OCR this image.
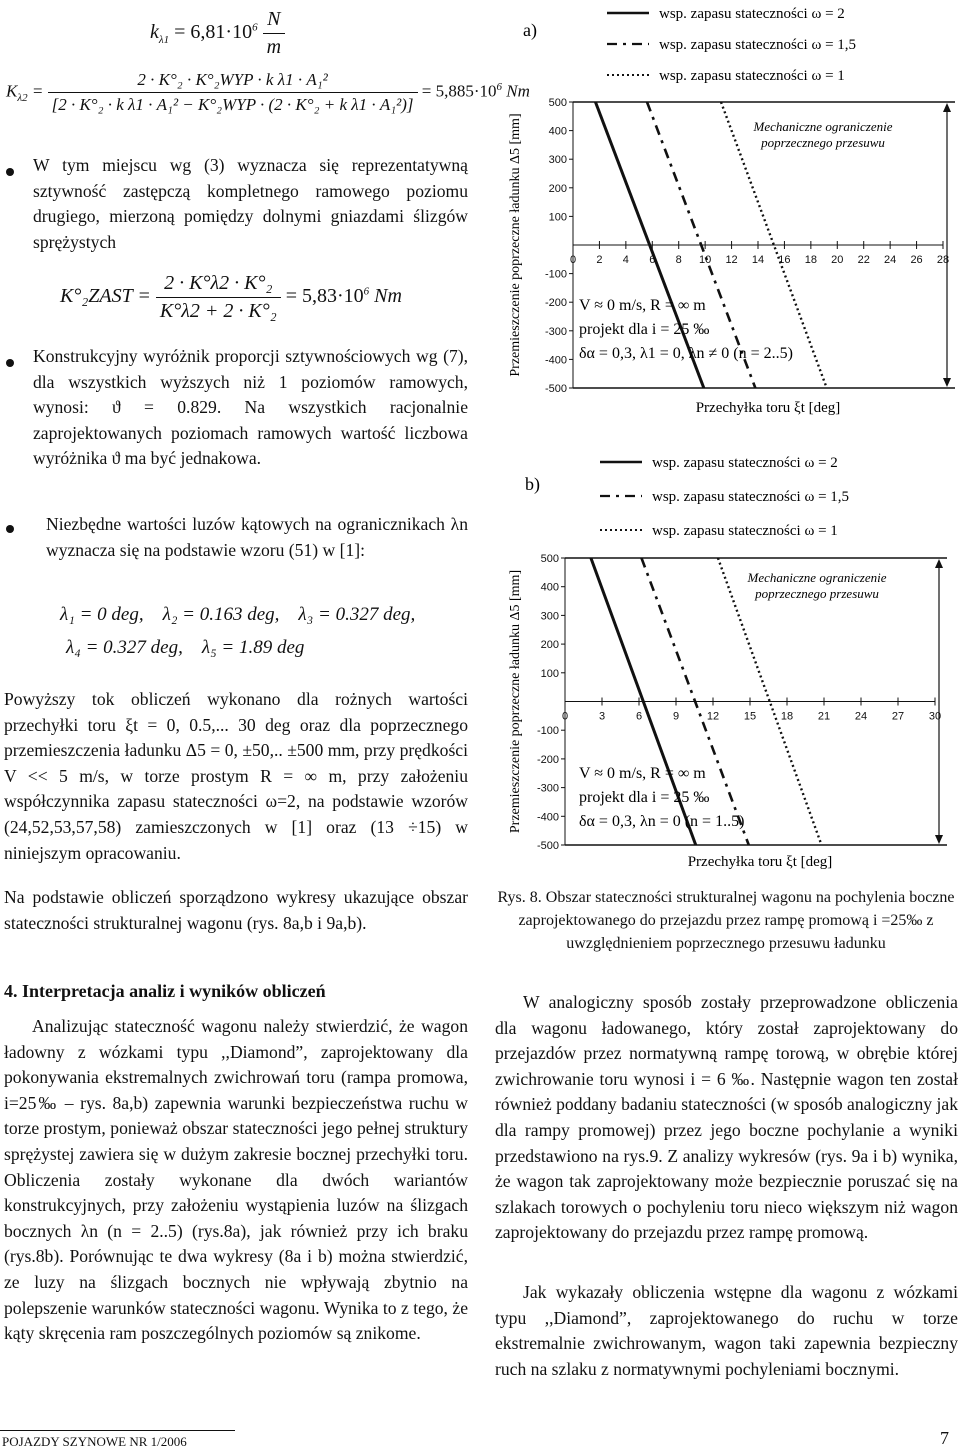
$k_{\lambda 1} = 6,81\cdot 10^6 \frac{N}{m}$
$K_{\lambda 2} = \frac{\text{2 · K°₂ · K°₂WYP · k λ1 · A₁²}}{\text{[2 · K°₂ · k λ1 · A₁² − K°₂WYP · (2 · K°₂ + k λ1 · A₁²)]}} = 5,885\cdot 10^6$ Nm
W tym miejscu wg (3) wyznacza się reprezentatywną sztywność zastępczą kompletnego ramowego poziomu drugiego, mierzoną pomiędzy dolnymi gniazdami ślizgów sprężystych
K°₂ZAST = $\frac{\text{2 · K°λ2 · K°₂}}{\text{K°λ2 + 2 · K°₂}} = 5,83\cdot 10^6$ Nm
Konstrukcyjny wyróżnik proporcji sztywnościowych wg (7), dla wszystkich wyższych niż 1 poziomów ramowych, wynosi: ϑ = 0.829. Na wszystkich racjonalnie zaprojektowanych poziomach ramowych wartość liczbowa wyróżnika ϑ ma być jednakowa.
Niezbędne wartości luzów kątowych na ogranicznikach λn wyznacza się na podstawie wzoru (51) w [1]:
λ₁ = 0 deg,    λ₂ = 0.163 deg,    λ₃ = 0.327 deg,
λ₄ = 0.327 deg,    λ₅ = 1.89 deg
Powyższy tok obliczeń wykonano dla rożnych wartości przechyłki toru ξt = 0, 0.5,... 30 deg oraz dla poprzecznego przemieszczenia ładunku Δ5 = 0, ±50,.. ±500 mm, przy prędkości V << 5 m/s, w torze prostym R = ∞ m, przy założeniu współczynnika zapasu stateczności ω=2, na podstawie wzorów (24,52,53,57,58) zamieszczonych w [1] oraz (13 ÷15) w niniejszym opracowaniu.
Na podstawie obliczeń sporządzono wykresy ukazujące obszar stateczności strukturalnej wagonu (rys. 8a,b i 9a,b).
4. Interpretacja analiz i wyników obliczeń
Analizując stateczność wagonu należy stwierdzić, że wagon ładowny z wózkami typu ,,Diamond”, zaprojektowany dla pokonywania ekstremalnych zwichrowań toru (rampa promowa, i=25‰ – rys. 8a,b) zapewnia warunki bezpieczeństwa ruchu w torze prostym, ponieważ obszar stateczności jego pełnej struktury sprężystej zawiera się w dużym zakresie bocznej przechyłki toru. Obliczenia zostały wykonane dla dwóch wariantów konstrukcyjnych, przy założeniu wystąpienia luzów na ślizgach bocznych λn (n = 2..5) (rys.8a), jak również przy ich braku (rys.8b). Porównując te dwa wykresy (8a i b) można stwierdzić, ze luzy na ślizgach bocznych nie wpływają zbytnio na polepszenie warunków stateczności wagonu. Wynika to z tego, że kąty skręcenia ram poszczególnych poziomów są znikome.
a)
wsp. zapasu stateczności ω = 2
wsp. zapasu stateczności ω = 1,5
wsp. zapasu stateczności ω = 1
Przemieszczenie poprzeczne ładunku Δ5 [mm]
500
400
300
200
100
-100
-200
-300
-400
-500
0 2 4 6 8 10 12 14 16 18 20 22 24 26 28
Mechaniczne ograniczenie
poprzecznego przesuwu
V ≈ 0 m/s, R = ∞ m
projekt dla i = 25 ‰
δα = 0,3, λ1 = 0, λn ≠ 0 (n = 2..5)
Przechyłka toru ξt [deg]
b)
wsp. zapasu stateczności ω = 2
wsp. zapasu stateczności ω = 1,5
wsp. zapasu stateczności ω = 1
Przemieszczenie poprzeczne ładunku Δ5 [mm]
500
400
300
200
100
-100
-200
-300
-400
-500
0	3	6	9	12 15 18 21 24 27 30
Mechaniczne ograniczenie
poprzecznego przesuwu
V ≈ 0 m/s, R = ∞ m
projekt dla i = 25 ‰
δα = 0,3, λn = 0 (n = 1..5)
Przechyłka toru ξt [deg]
Rys. 8. Obszar stateczności strukturalnej wagonu na pochylenia boczne zaprojektowanego do przejazdu przez rampę promową i =25‰ z uwzględnieniem poprzecznego przesuwu ładunku
W analogiczny sposób zostały przeprowadzone obliczenia dla wagonu ładowanego, który został zaprojektowany do przejazdów przez normatywną rampę torową, w obrębie której zwichrowanie toru wynosi i = 6 ‰. Następnie wagon ten został również poddany badaniu stateczności (w sposób analogiczny jak dla rampy promowej) przez jego boczne pochylanie a wyniki przedstawiono na rys.9. Z analizy wykresów (rys. 9a i b) wynika, że wagon tak zaprojektowany może bezpiecznie poruszać się na szlakach torowych o pochyleniu toru nieco większym niż wagon zaprojektowany do przejazdu przez rampę promową.
Jak wykazały obliczenia wstępne dla wagonu z wózkami typu ,,Diamond”, zaprojektowanego do ruchu w torze ekstremalnie zwichrowanym, wagon taki zapewnia bezpieczny ruch na szlaku z normatywnymi pochyleniami bocznymi.
POJAZDY SZYNOWE NR 1/2006	7
